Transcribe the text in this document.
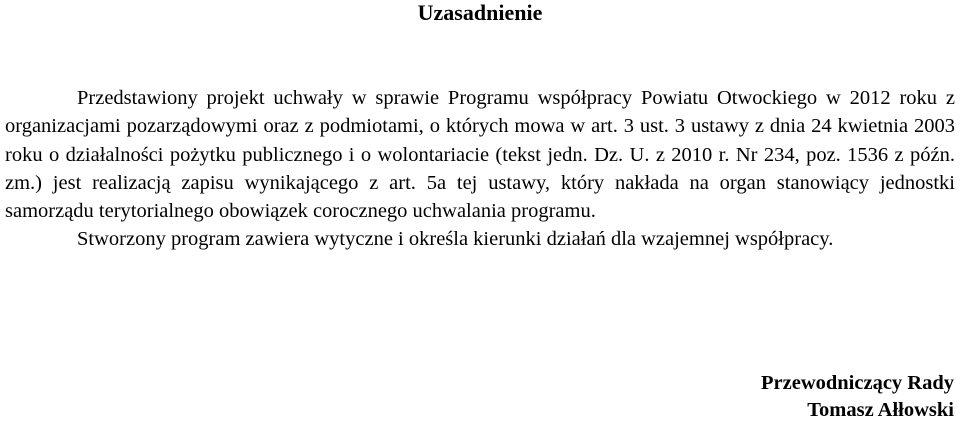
Uzasadnienie

Przedstawiony projekt uchwały w sprawie Programu współpracy Powiatu Otwockiego w 2012 roku z organizacjami pozarządowymi oraz z podmiotami, o których mowa w art. 3 ust. 3 ustawy z dnia 24 kwietnia 2003 roku o działalności pożytku publicznego i o wolontariacie (tekst jedn. Dz. U. z 2010 r. Nr 234, poz. 1536 z późn. zm.) jest realizacją zapisu wynikającego z art. 5a tej ustawy, który nakłada na organ stanowiący jednostki samorządu terytorialnego obowiązek corocznego uchwalania programu.

Stworzony program zawiera wytyczne i określa kierunki działań dla wzajemnej współpracy.

Przewodniczący Rady
Tomasz Ałłowski
